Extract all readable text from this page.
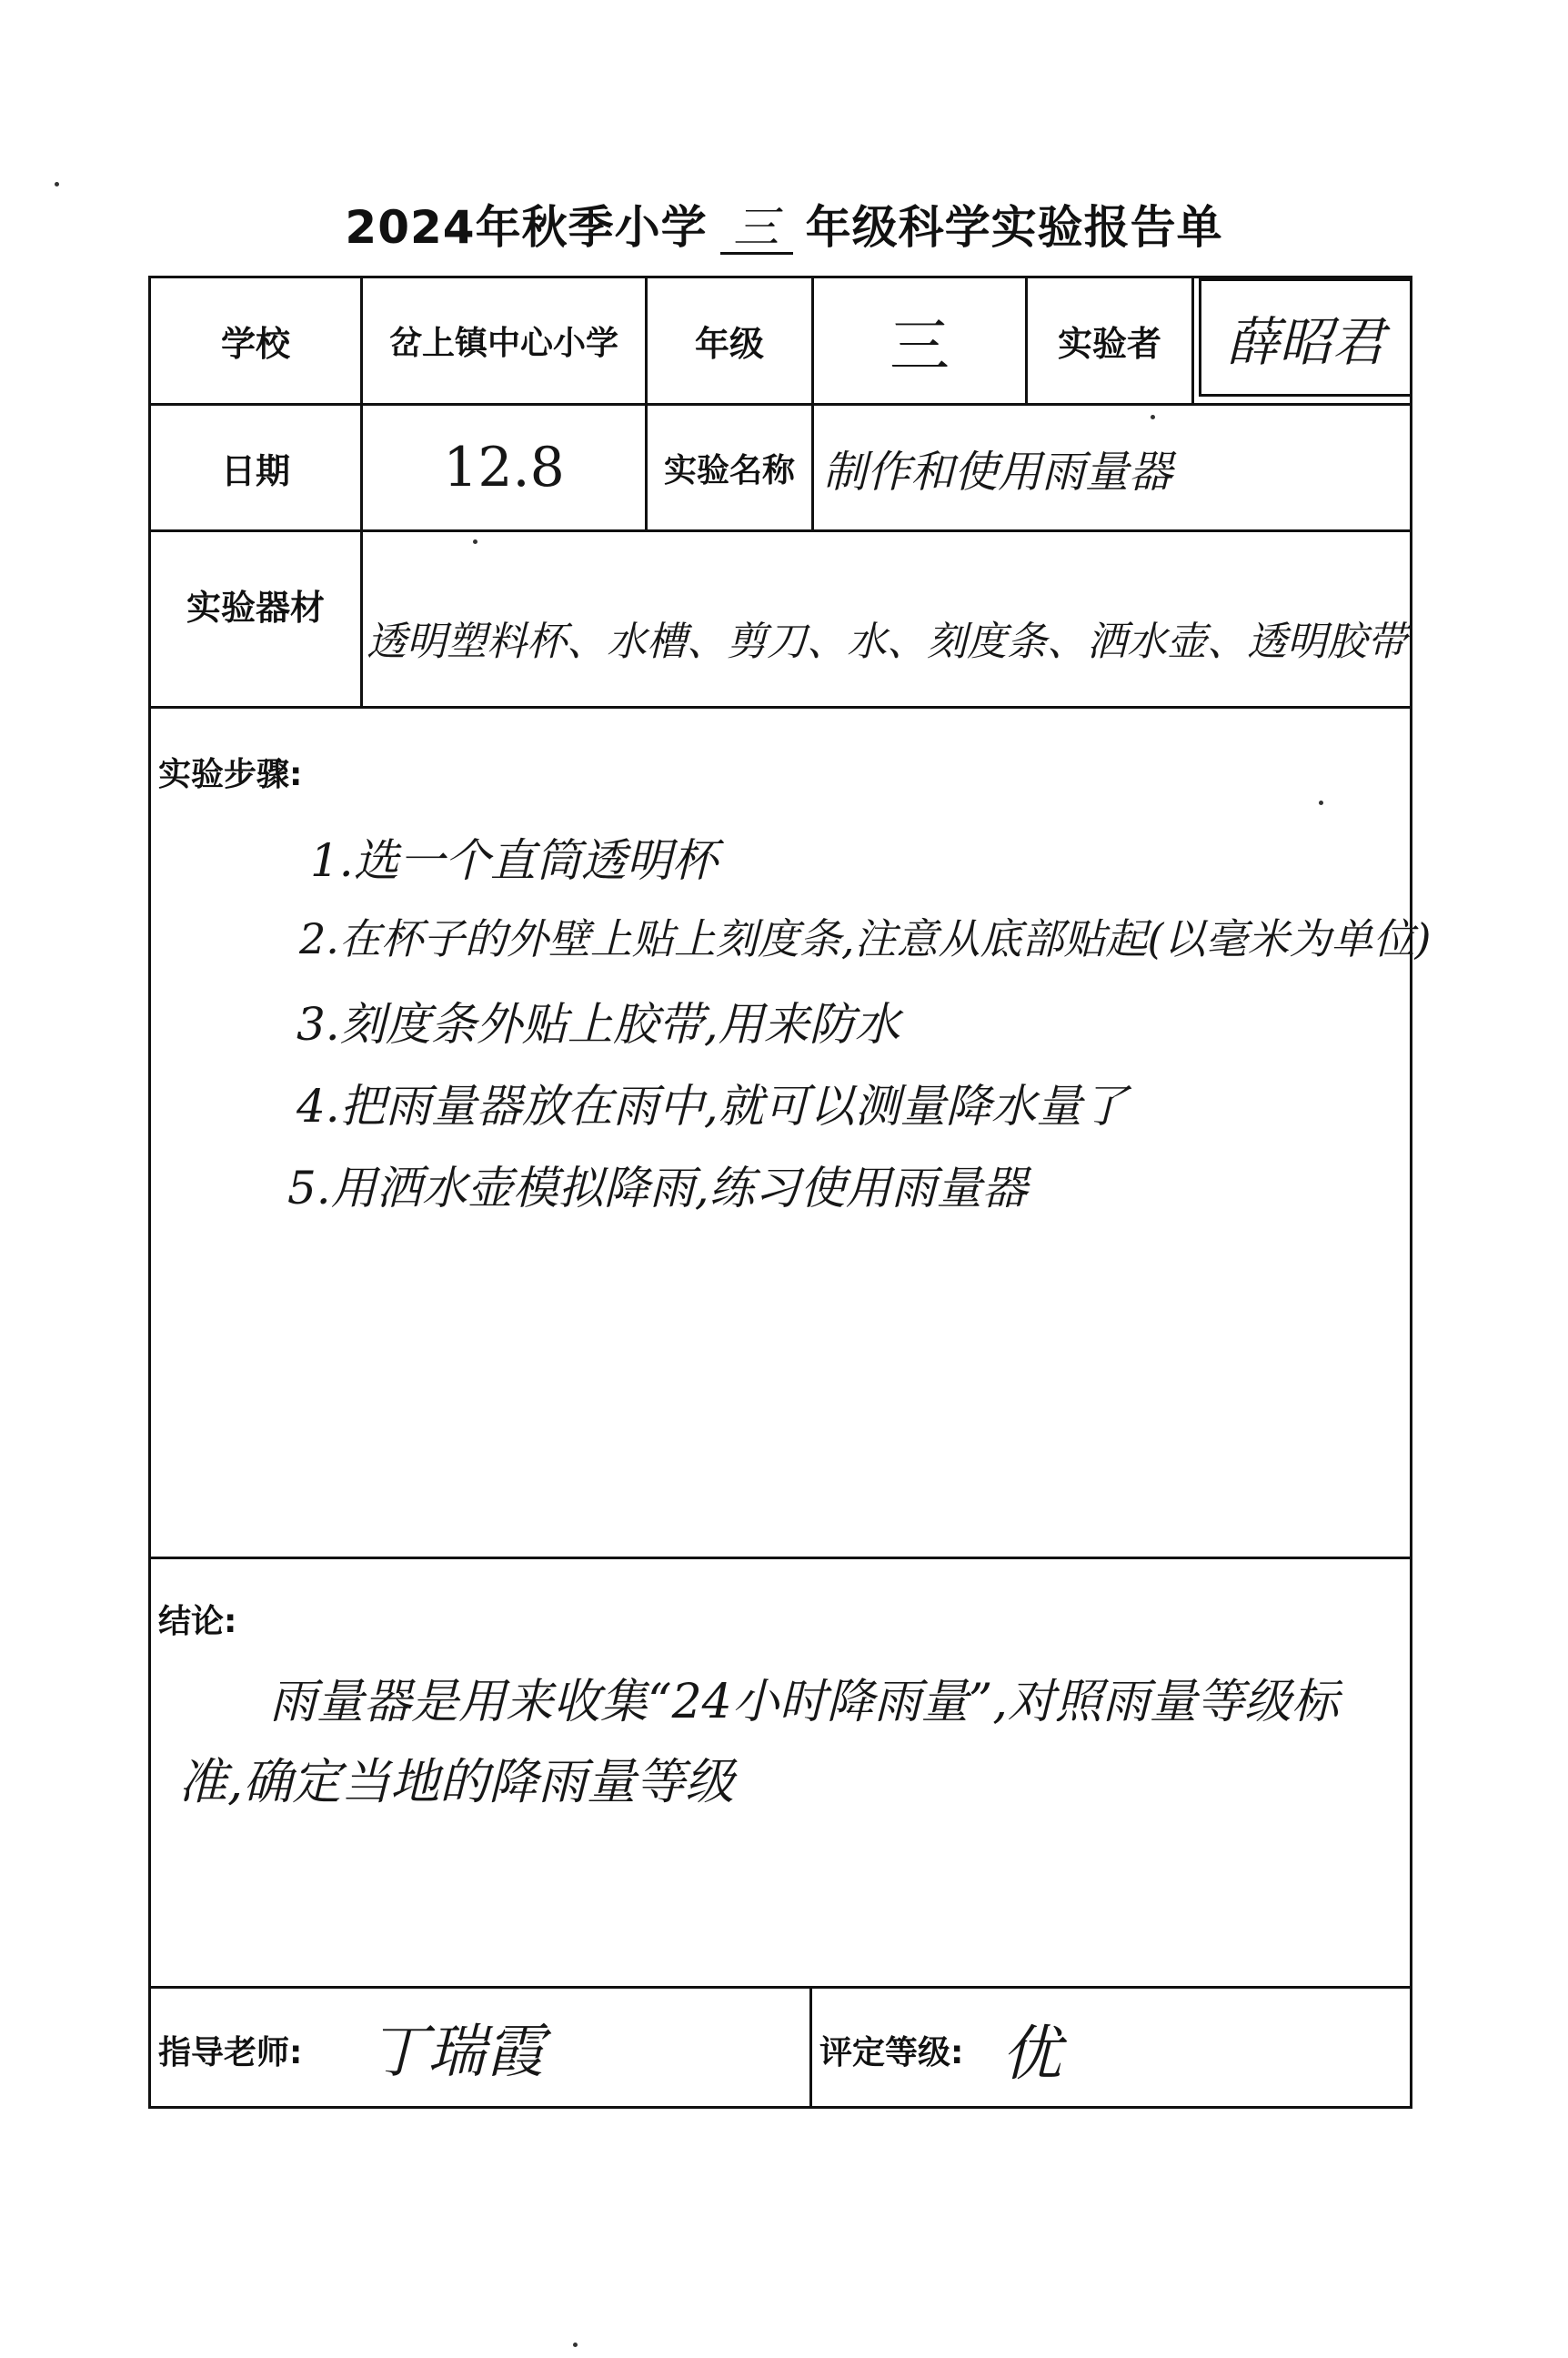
2024年秋季小学 三 年级科学实验报告单
学校	岔上镇中心小学	年级	三	实验者	薛昭君
日期	12.8	实验名称 制作和使用雨量器
实验器材
透明塑料杯、水槽、剪刀、水、刻度条、洒水壶、透明胶带
实验步骤:
1.选一个直筒透明杯
2.在杯子的外壁上贴上刻度条,注意从底部贴起(以毫米为单位)
3.刻度条外贴上胶带,用来防水
4.把雨量器放在雨中,就可以测量降水量了
5.用洒水壶模拟降雨,练习使用雨量器
结论:
雨量器是用来收集“24小时降雨量”,对照雨量等级标
准,确定当地的降雨量等级
指导老师: 丁瑞霞	评定等级: 优
